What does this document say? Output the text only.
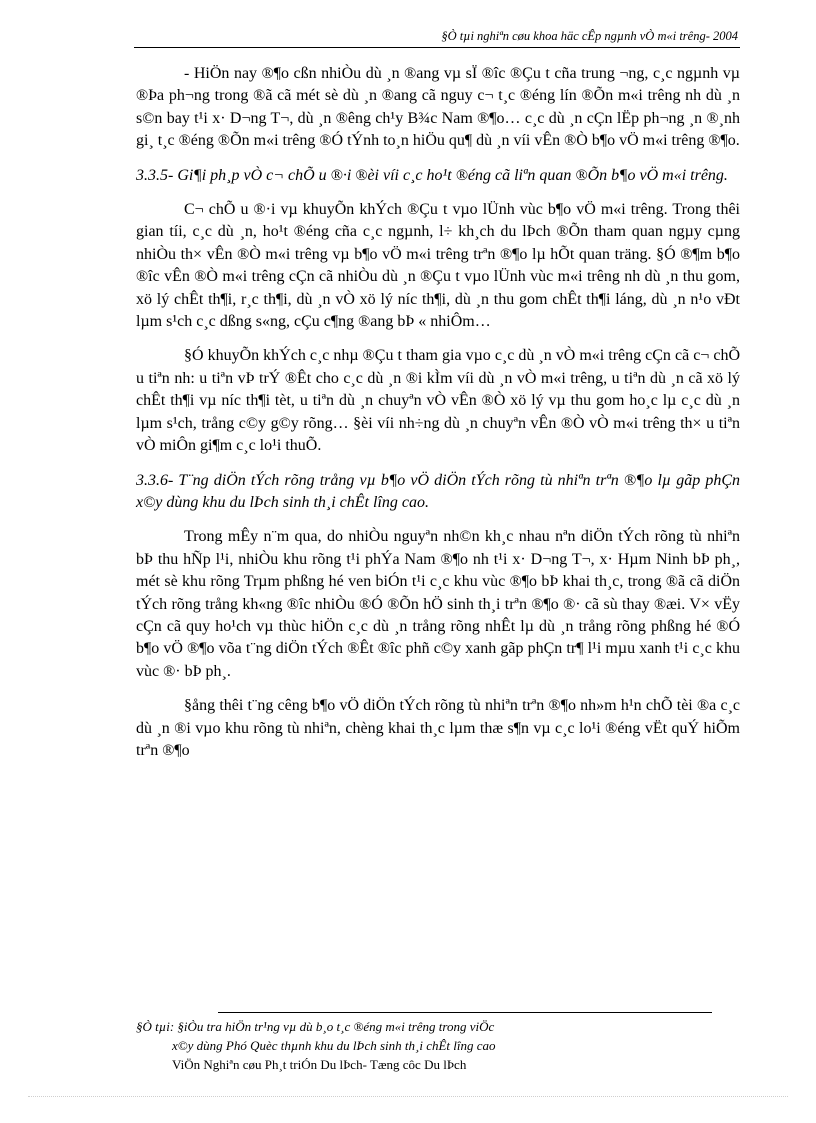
§Ò tµi nghiªn cøu khoa häc cÊp ngµnh vÒ m«i trêng- 2004

- HiÖn nay ®¶o cßn nhiÒu dù ¸n ®ang vµ sÏ ®îc ®Çu t cña trung ¬ng, c¸c ngµnh vµ ®Þa ph¬ng trong ®ã cã mét sè dù ¸n ®ang cã nguy c¬ t¸c ®éng lín ®Õn m«i trêng nh dù ¸n s©n bay t¹i x· D¬ng T¬, dù ¸n ®êng ch¹y B¾c Nam ®¶o… c¸c dù ¸n cÇn lËp ph¬ng ¸n ®¸nh gi¸ t¸c ®éng ®Õn m«i trêng ®Ó tÝnh to¸n hiÖu qu¶ dù ¸n víi vÊn ®Ò b¶o vÖ m«i trêng ®¶o.

3.3.5- Gi¶i ph¸p vÒ c¬ chÕ u ®·i ®èi víi c¸c ho¹t ®éng cã liªn quan ®Õn b¶o vÖ m«i trêng.

C¬ chÕ u ®·i vµ khuyÕn khÝch ®Çu t vµo lÜnh vùc b¶o vÖ m«i trêng. Trong thêi gian tíi, c¸c dù ¸n, ho¹t ®éng cña c¸c ngµnh, l÷ kh¸ch du lÞch ®Õn tham quan ngµy cµng nhiÒu th× vÊn ®Ò m«i trêng vµ b¶o vÖ m«i trêng trªn ®¶o lµ hÕt quan träng. §Ó ®¶m b¶o ®îc vÊn ®Ò m«i trêng cÇn cã nhiÒu dù ¸n ®Çu t vµo lÜnh vùc m«i trêng nh dù ¸n thu gom, xö lý chÊt th¶i, r¸c th¶i, dù ¸n vÒ xö lý níc th¶i, dù ¸n thu gom chÊt th¶i láng, dù ¸n n¹o vÐt lµm s¹ch c¸c dßng s«ng, cÇu c¶ng ®ang bÞ « nhiÔm…

§Ó khuyÕn khÝch c¸c nhµ ®Çu t tham gia vµo c¸c dù ¸n vÒ m«i trêng cÇn cã c¬ chÕ u tiªn nh: u tiªn vÞ trÝ ®Êt cho c¸c dù ¸n ®i kÌm víi dù ¸n vÒ m«i trêng, u tiªn dù ¸n cã xö lý chÊt th¶i vµ níc th¶i tèt, u tiªn dù ¸n chuyªn vÒ vÊn ®Ò xö lý vµ thu gom ho¸c lµ c¸c dù ¸n lµm s¹ch, trång c©y g©y rõng… §èi víi nh÷ng dù ¸n chuyªn vÊn ®Ò vÒ m«i trêng th× u tiªn vÒ miÔn gi¶m c¸c lo¹i thuÕ.

3.3.6- T¨ng diÖn tÝch rõng trång vµ b¶o vÖ diÖn tÝch rõng tù nhiªn trªn ®¶o lµ gãp phÇn x©y dùng khu du lÞch sinh th¸i chÊt lîng cao.

Trong mÊy n¨m qua, do nhiÒu nguyªn nh©n kh¸c nhau nªn diÖn tÝch rõng tù nhiªn bÞ thu hÑp l¹i, nhiÒu khu rõng t¹i phÝa Nam ®¶o nh t¹i x· D¬ng T¬, x· Hµm Ninh bÞ ph¸, mét sè khu rõng Trµm phßng hé ven biÓn t¹i c¸c khu vùc ®¶o bÞ khai th¸c, trong ®ã cã diÖn tÝch rõng trång kh«ng ®îc nhiÒu ®Ó ®Õn hÖ sinh th¸i trªn ®¶o ®· cã sù thay ®æi. V× vËy cÇn cã quy ho¹ch vµ thùc hiÖn c¸c dù ¸n trång rõng nhÊt lµ dù ¸n trång rõng phßng hé ®Ó b¶o vÖ ®¶o võa t¨ng diÖn tÝch ®Êt ®îc phñ c©y xanh gãp phÇn tr¶ l¹i mµu xanh t¹i c¸c khu vùc ®· bÞ ph¸.

§ång thêi t¨ng cêng b¶o vÖ diÖn tÝch rõng tù nhiªn trªn ®¶o nh»m h¹n chÕ tèi ®a c¸c dù ¸n ®i vµo khu rõng tù nhiªn, chèng khai th¸c lµm thæ s¶n vµ c¸c lo¹i ®éng vËt quÝ hiÕm trªn ®¶o

§Ò tµi: §iÒu tra hiÖn tr¹ng vµ dù b¸o t¸c ®éng m«i trêng trong viÖc
x©y dùng Phó Quèc thµnh khu du lÞch sinh th¸i chÊt lîng cao
ViÖn Nghiªn cøu Ph¸t triÓn Du lÞch- Tæng côc Du lÞch
